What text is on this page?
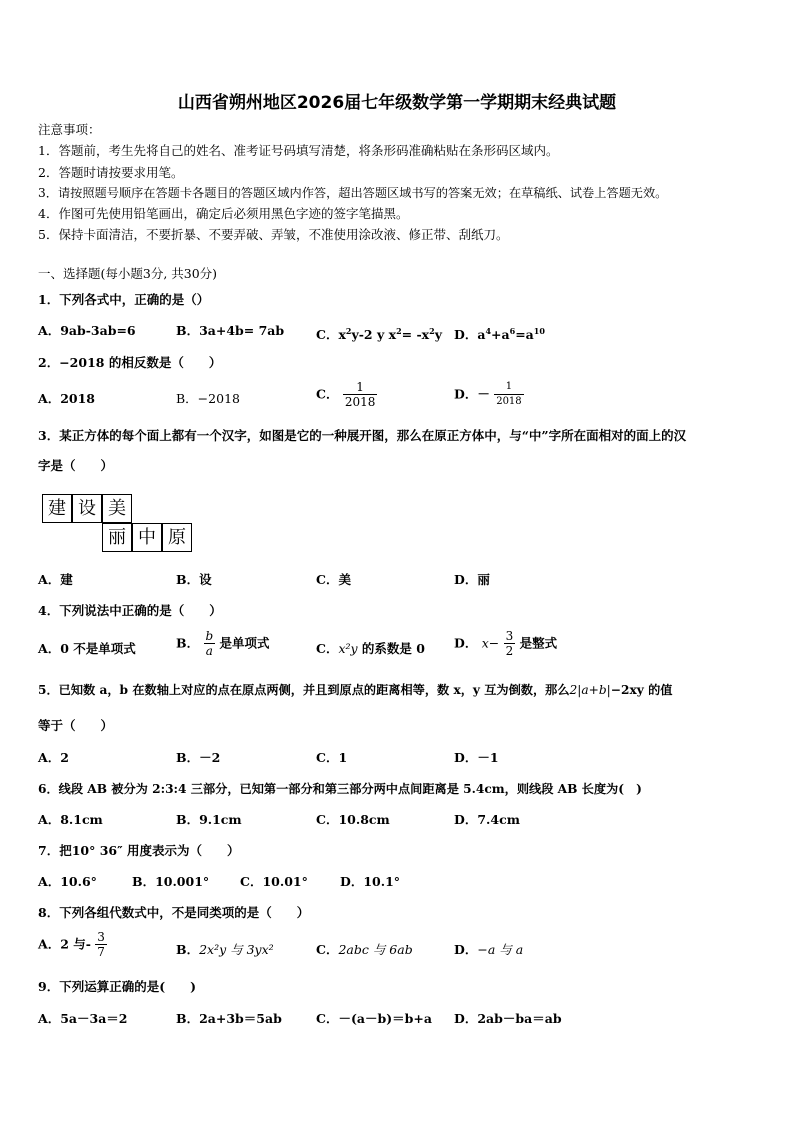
山西省朔州地区2026届七年级数学第一学期期末经典试题
注意事项：
1．答题前，考生先将自己的姓名、准考证号码填写清楚，将条形码准确粘贴在条形码区域内。
2．答题时请按要求用笔。
3．请按照题号顺序在答题卡各题目的答题区域内作答，超出答题区域书写的答案无效；在草稿纸、试卷上答题无效。
4．作图可先使用铅笔画出，确定后必须用黑色字迹的签字笔描黑。
5．保持卡面清洁，不要折暴、不要弄破、弄皱，不准使用涂改液、修正带、刮纸刀。
一、选择题(每小题3分, 共30分)
1．下列各式中，正确的是（）
A．9ab-3ab=6	B．3a+4b= 7ab	C．$x^2y-2$ y $x^2= -x^2y$ D．$a^4+a^6=a^{10}$
2．−2018 的相反数是（　　）
A．2018	B．−2018	C． $\frac{1}{2018}$	D．－ $\frac{1}{2018}$
3．某正方体的每个面上都有一个汉字，如图是它的一种展开图，那么在原正方体中，与“中”字所在面相对的面上的汉
字是（　　）
建 设 美
丽 中 原
A．建	B．设	C．美	D．丽
4．下列说法中正确的是（　　）
A．0 不是单项式	B． $\frac{b}{a}$ 是单项式	C．x²y 的系数是 0 D． $x- \frac{3}{2}$ 是整式
5．已知数 a，b 在数轴上对应的点在原点两侧，并且到原点的距离相等，数 x，y 互为倒数，那么2|a+b|−2xy 的值
等于（　　）
A．2	B．－2	C．1	D．－1
6．线段 AB 被分为 2:3:4 三部分，已知第一部分和第三部分两中点间距离是 5.4cm，则线段 AB 长度为(　)
A．8.1cm	B．9.1cm	C．10.8cm	D．7.4cm
7．把10° 36″ 用度表示为（　　）
A．10.6°	B．10.001° C．10.01°	D．10.1°
8．下列各组代数式中，不是同类项的是（　　）
A．2 与- $\frac{3}{7}$	B．2x²y 与 3yx²	C．2abc 与 6ab	D．−a 与 a
9．下列运算正确的是(　　)
A．5a－3a＝2	B．2a+3b＝5ab	C．－(a－b)＝b+a D．2ab－ba＝ab
